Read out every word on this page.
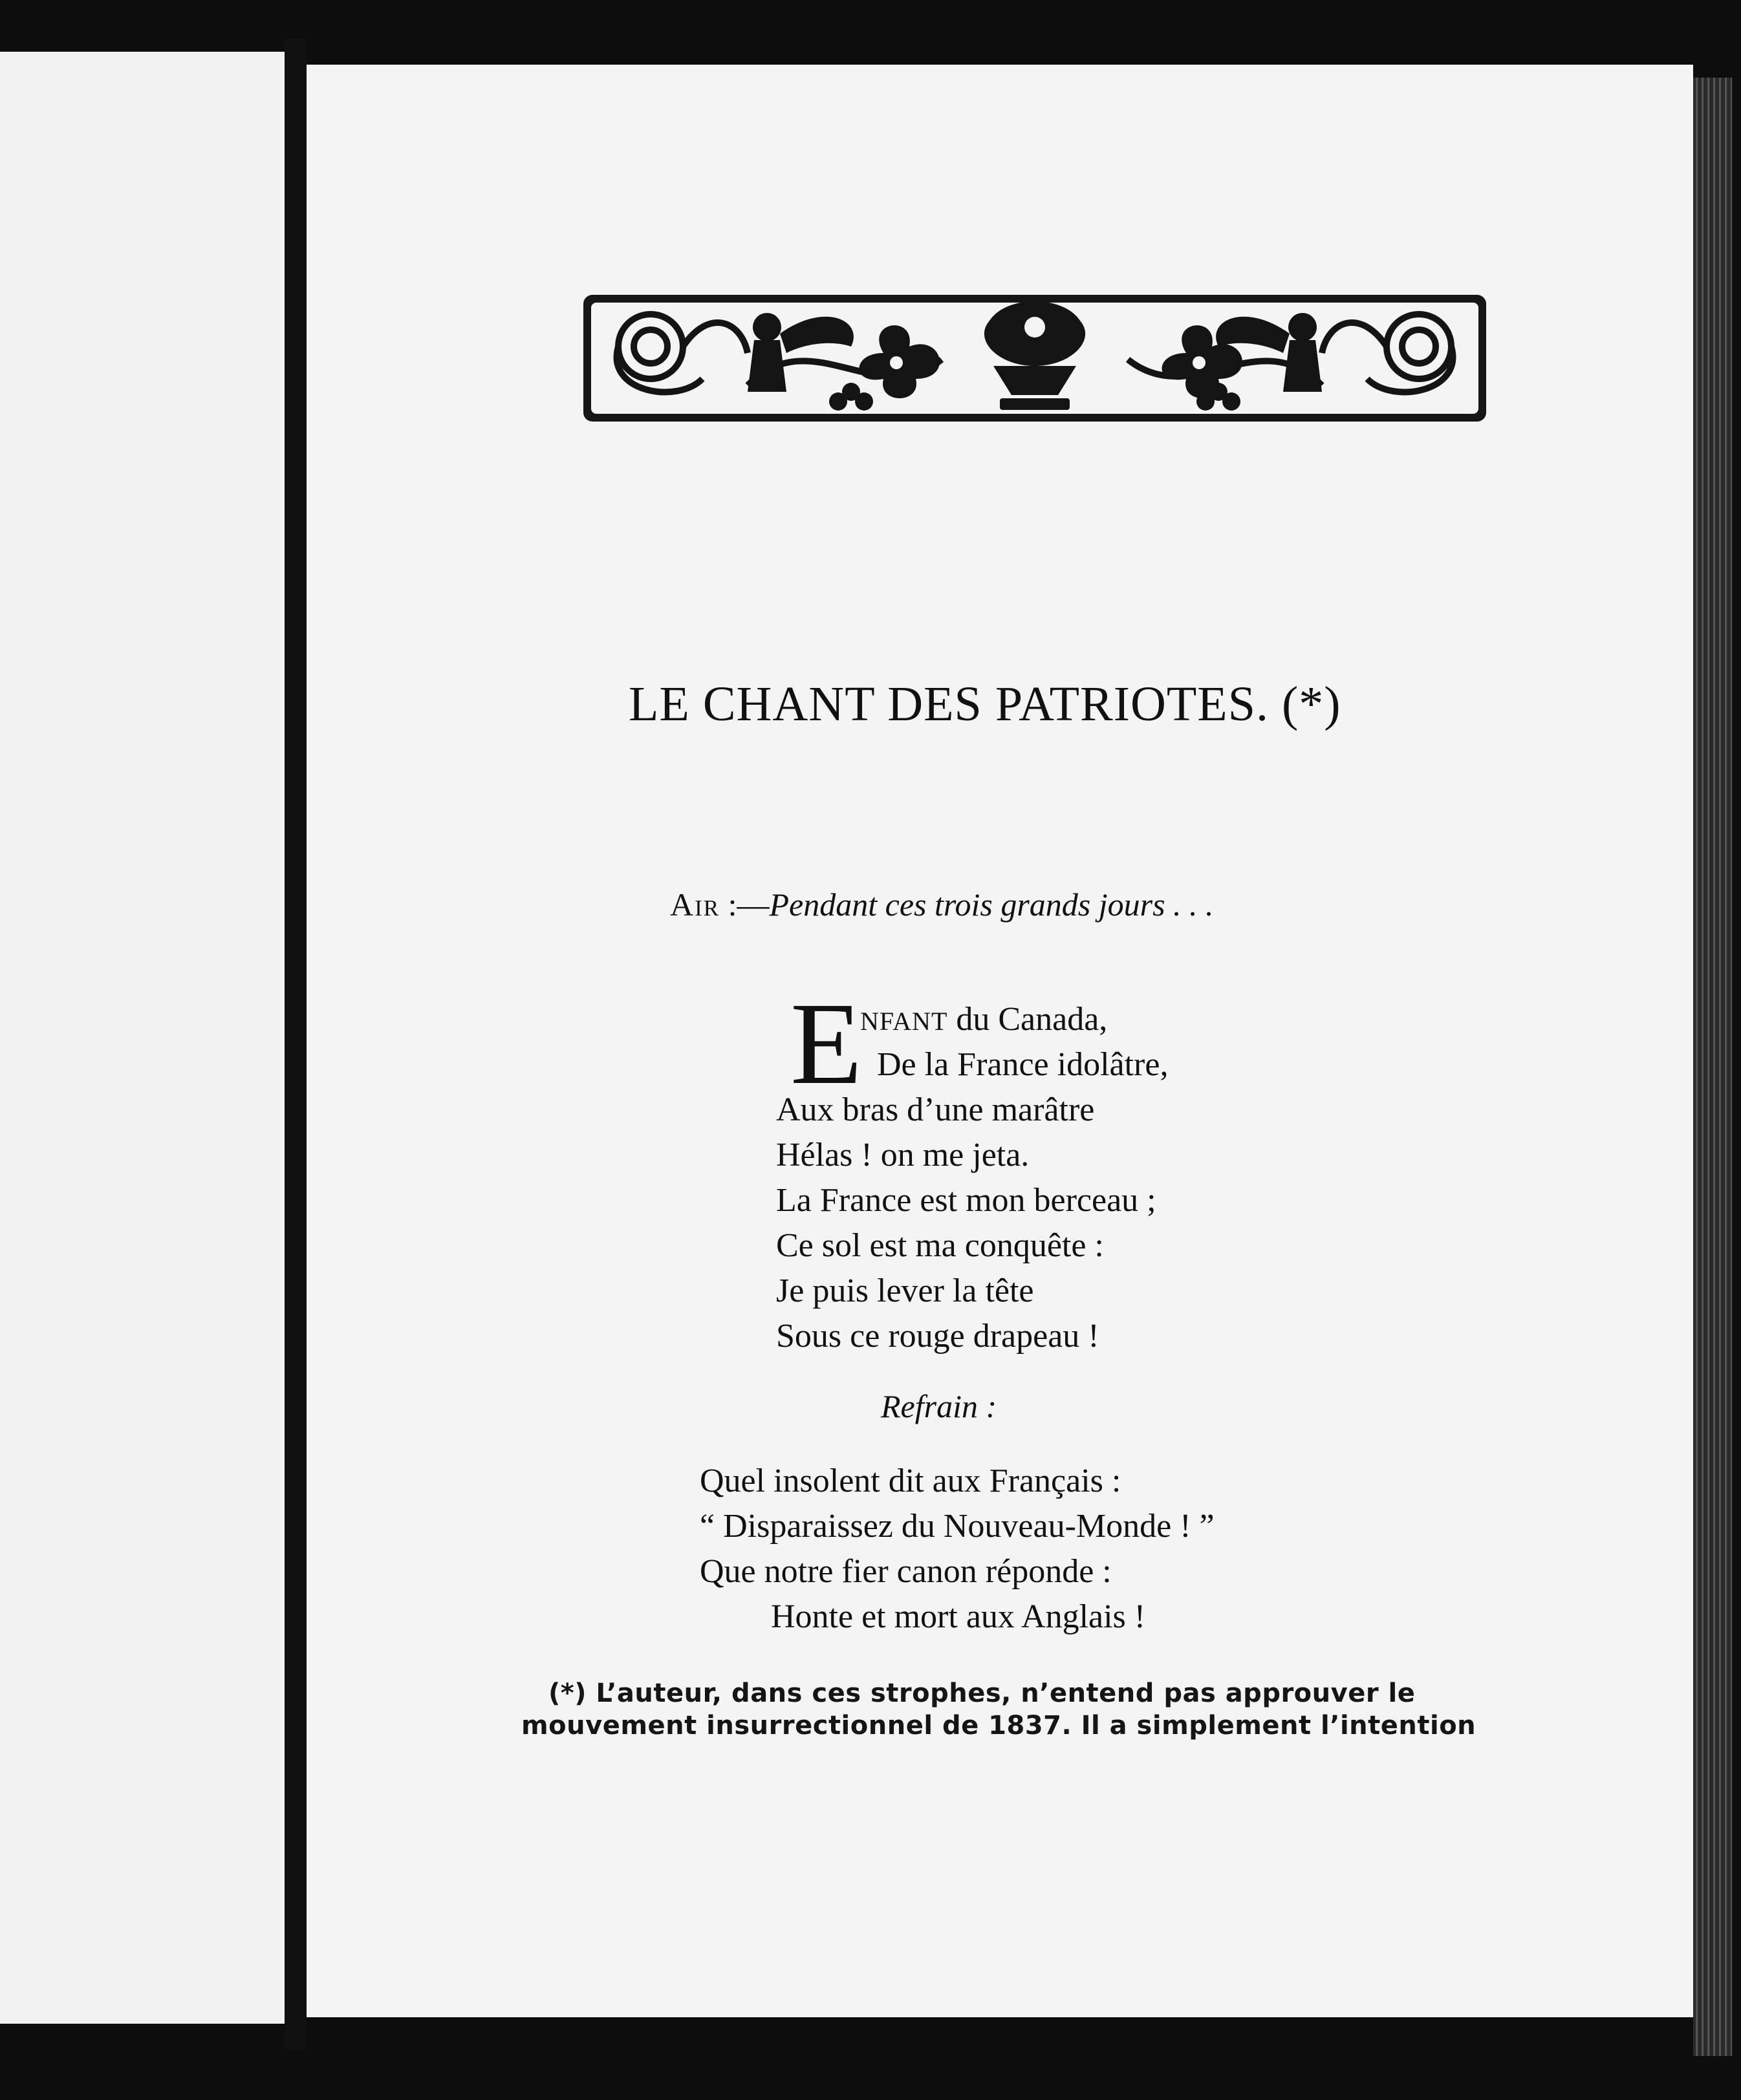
LE CHANT DES PATRIOTES. (*)
Air :—Pendant ces trois grands jours . . .
E
NFANT du Canada,
De la France idolâtre,
Aux bras d’une marâtre
Hélas ! on me jeta.
La France est mon berceau ;
Ce sol est ma conquête :
Je puis lever la tête
Sous ce rouge drapeau !
Refrain :
Quel insolent dit aux Français :
“ Disparaissez du Nouveau-Monde ! ”
Que notre fier canon réponde :
Honte et mort aux Anglais !
(*) L’auteur, dans ces strophes, n’entend pas approuver le
mouvement insurrectionnel de 1837. Il a simplement l’intention
